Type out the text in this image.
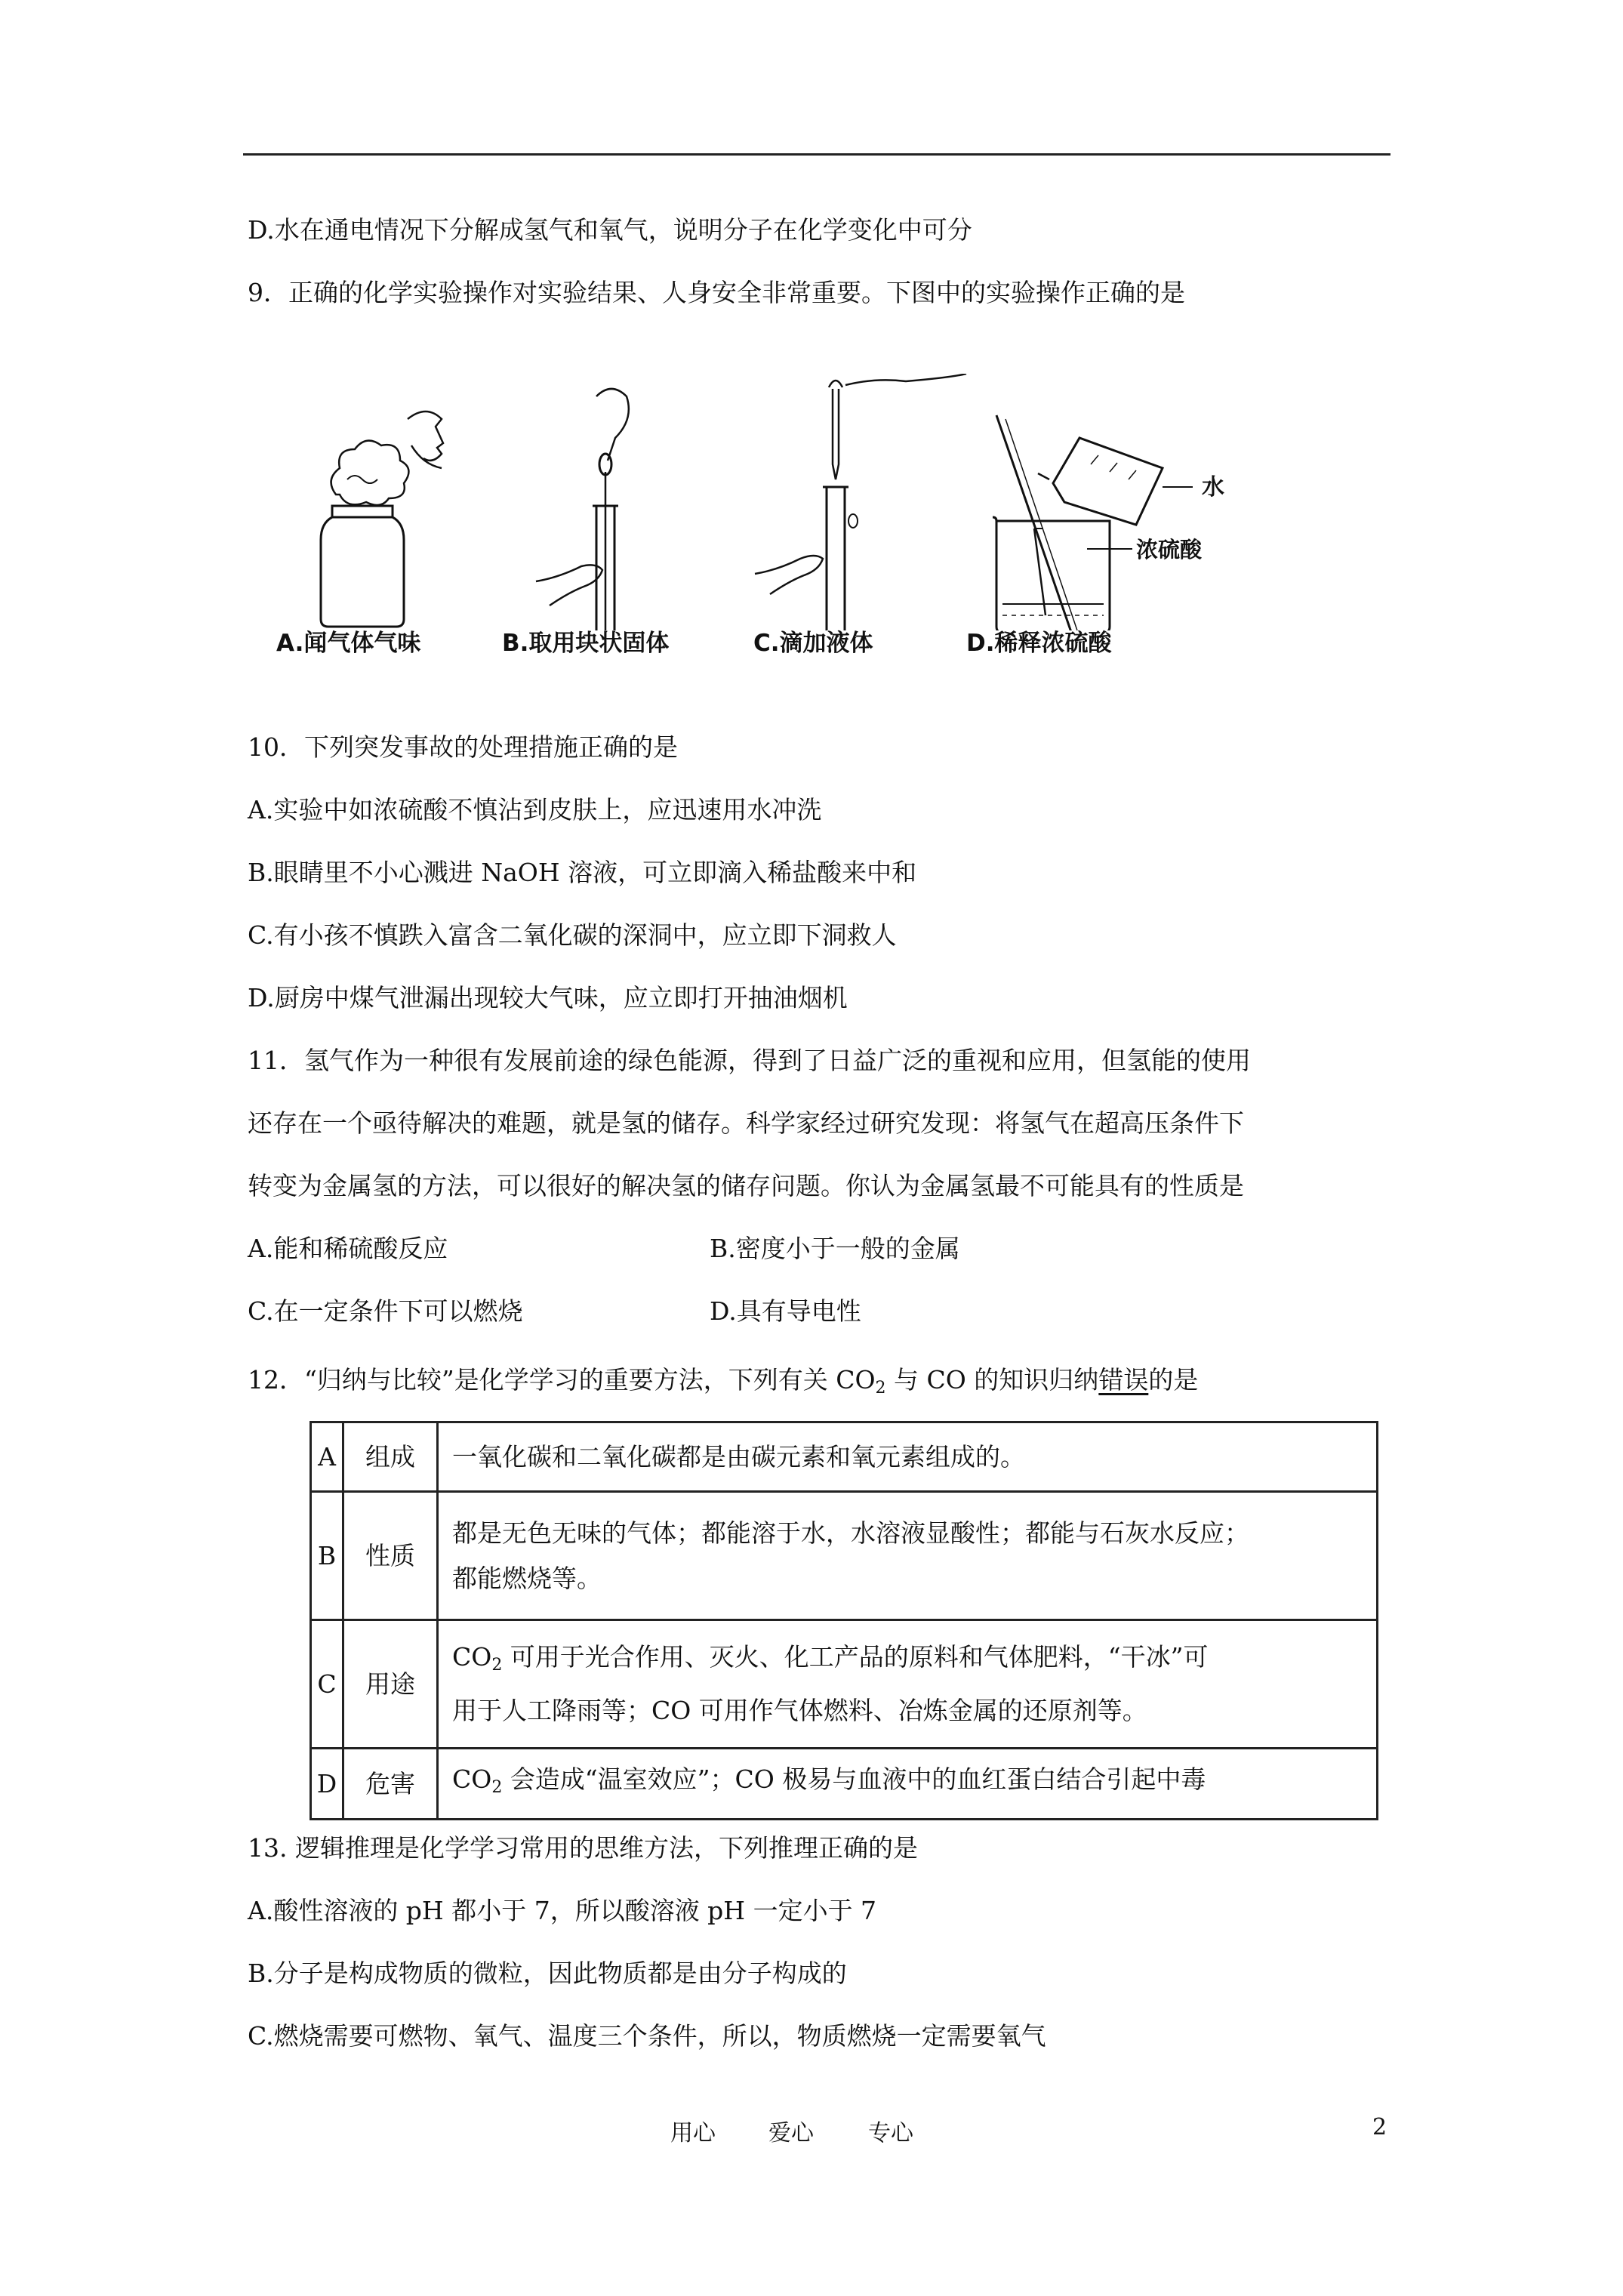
D.水在通电情况下分解成氢气和氧气，说明分子在化学变化中可分
9．正确的化学实验操作对实验结果、人身安全非常重要。下图中的实验操作正确的是
水
浓硫酸
A.闻气体气味	B.取用块状固体	C.滴加液体	D.稀释浓硫酸
10．下列突发事故的处理措施正确的是
A.实验中如浓硫酸不慎沾到皮肤上，应迅速用水冲洗
B.眼睛里不小心溅进 NaOH 溶液，可立即滴入稀盐酸来中和
C.有小孩不慎跌入富含二氧化碳的深洞中，应立即下洞救人
D.厨房中煤气泄漏出现较大气味，应立即打开抽油烟机
11．氢气作为一种很有发展前途的绿色能源，得到了日益广泛的重视和应用，但氢能的使用
还存在一个亟待解决的难题，就是氢的储存。科学家经过研究发现：将氢气在超高压条件下
转变为金属氢的方法，可以很好的解决氢的储存问题。你认为金属氢最不可能具有的性质是
A.能和稀硫酸反应	B.密度小于一般的金属
C.在一定条件下可以燃烧	D.具有导电性
12．“归纳与比较”是化学学习的重要方法，下列有关 $CO_2$ 与 CO 的知识归纳错误的是
A	组成	一氧化碳和二氧化碳都是由碳元素和氧元素组成的。
B	性质	都是无色无味的气体；都能溶于水，水溶液显酸性；都能与石灰水反应；
都能燃烧等。

C	用途	$CO_2$ 可用于光合作用、灭火、化工产品的原料和气体肥料，“干冰”可
用于人工降雨等；CO 可用作气体燃料、冶炼金属的还原剂等。

D	危害	$CO_2$ 会造成“温室效应”；CO 极易与血液中的血红蛋白结合引起中毒
13. 逻辑推理是化学学习常用的思维方法，下列推理正确的是
A.酸性溶液的 pH 都小于 7，所以酸溶液 pH 一定小于 7
B.分子是构成物质的微粒，因此物质都是由分子构成的
C.燃烧需要可燃物、氧气、温度三个条件，所以，物质燃烧一定需要氧气
用心 爱心 专心	2
